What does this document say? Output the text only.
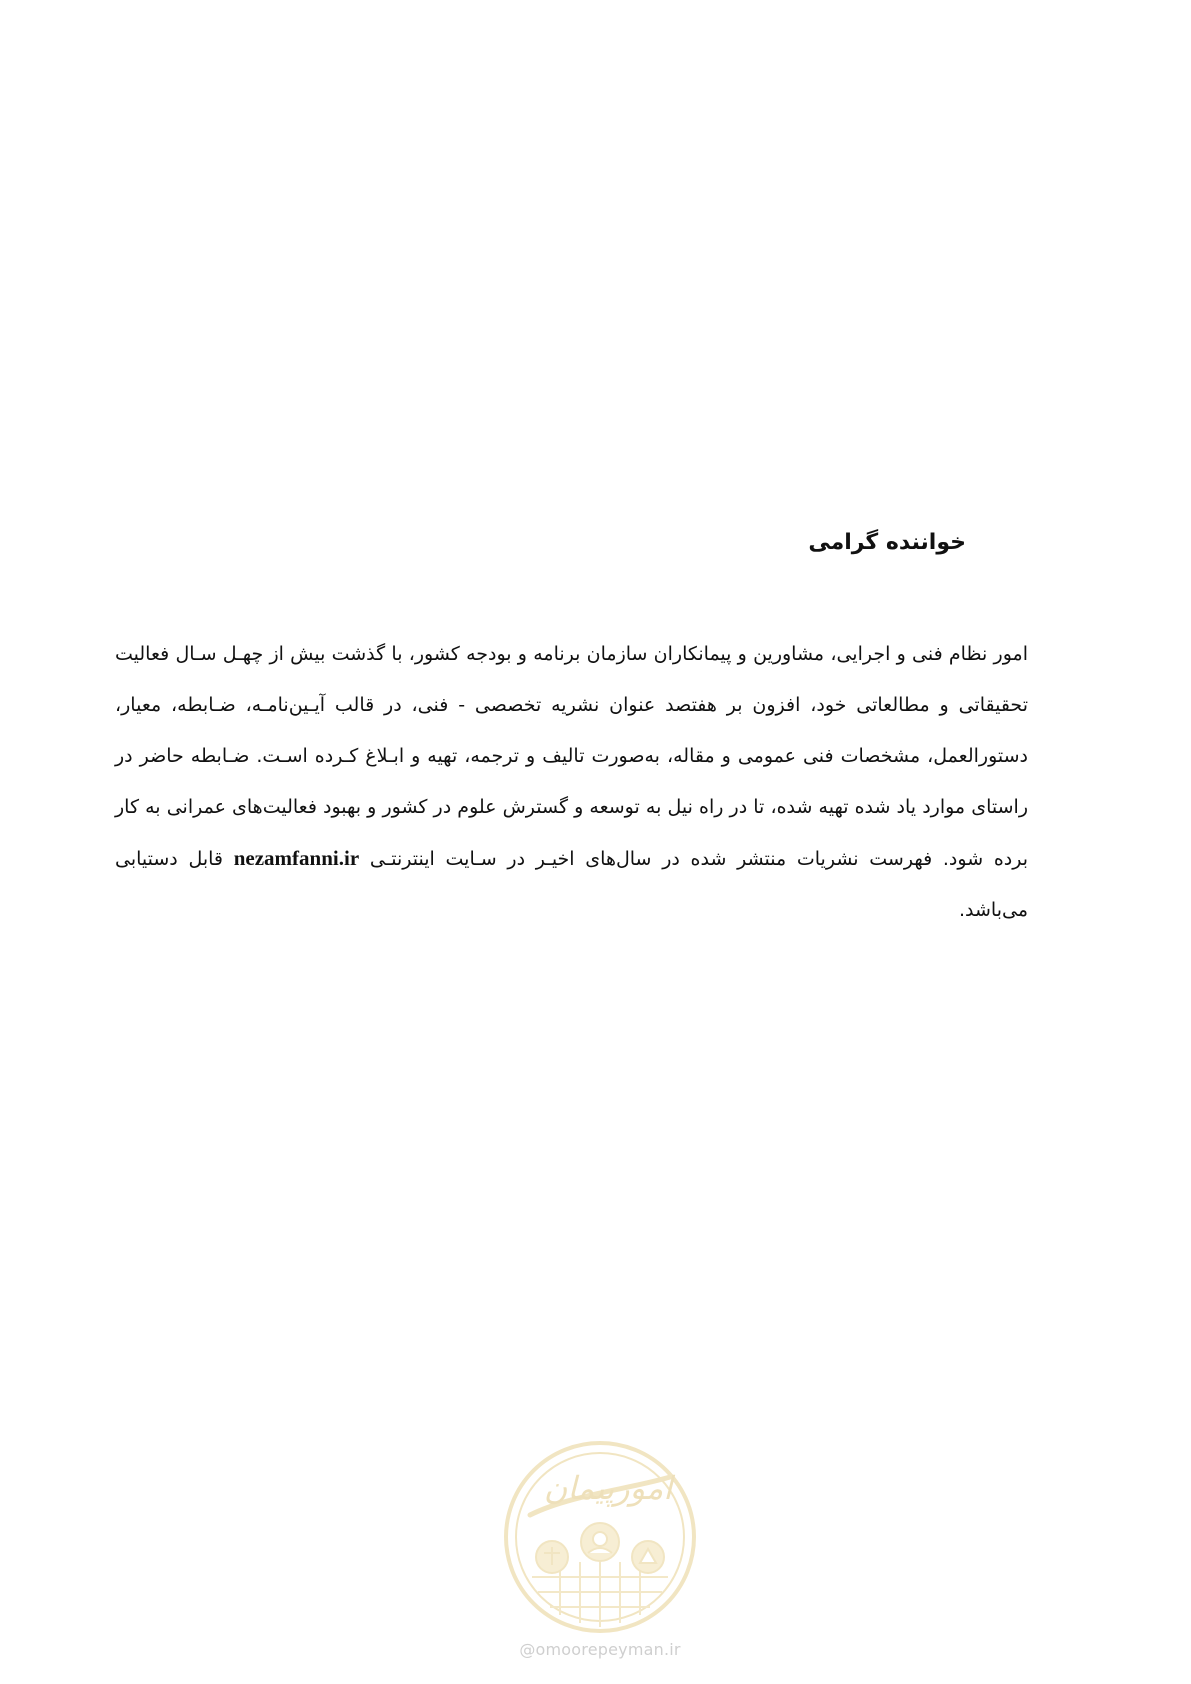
خواننده گرامی
امور نظام فنی و اجرایی، مشاورین و پیمانکاران سازمان برنامه و بودجه کشور، با گذشت بیش از چهـل سـال فعالیت تحقیقاتی و مطالعاتی خود، افزون بر هفتصد عنوان نشریه تخصصی - فنی، در قالب آیـین‌نامـه، ضـابطه، معیار، دستورالعمل، مشخصات فنی عمومی و مقاله، به‌صورت تالیف و ترجمه، تهیه و ابـلاغ کـرده اسـت. ضـابطه حاضر در راستای موارد یاد شده تهیه شده، تا در راه نیل به توسعه و گسترش علوم در کشور و بهبود فعالیت‌های عمرانی به کار برده شود. فهرست نشریات منتشر شده در سال‌های اخیـر در سـایت اینترنتـی nezamfanni.ir قابل دستیابی می‌باشد.
امورپیمان
@omoorepeyman.ir
